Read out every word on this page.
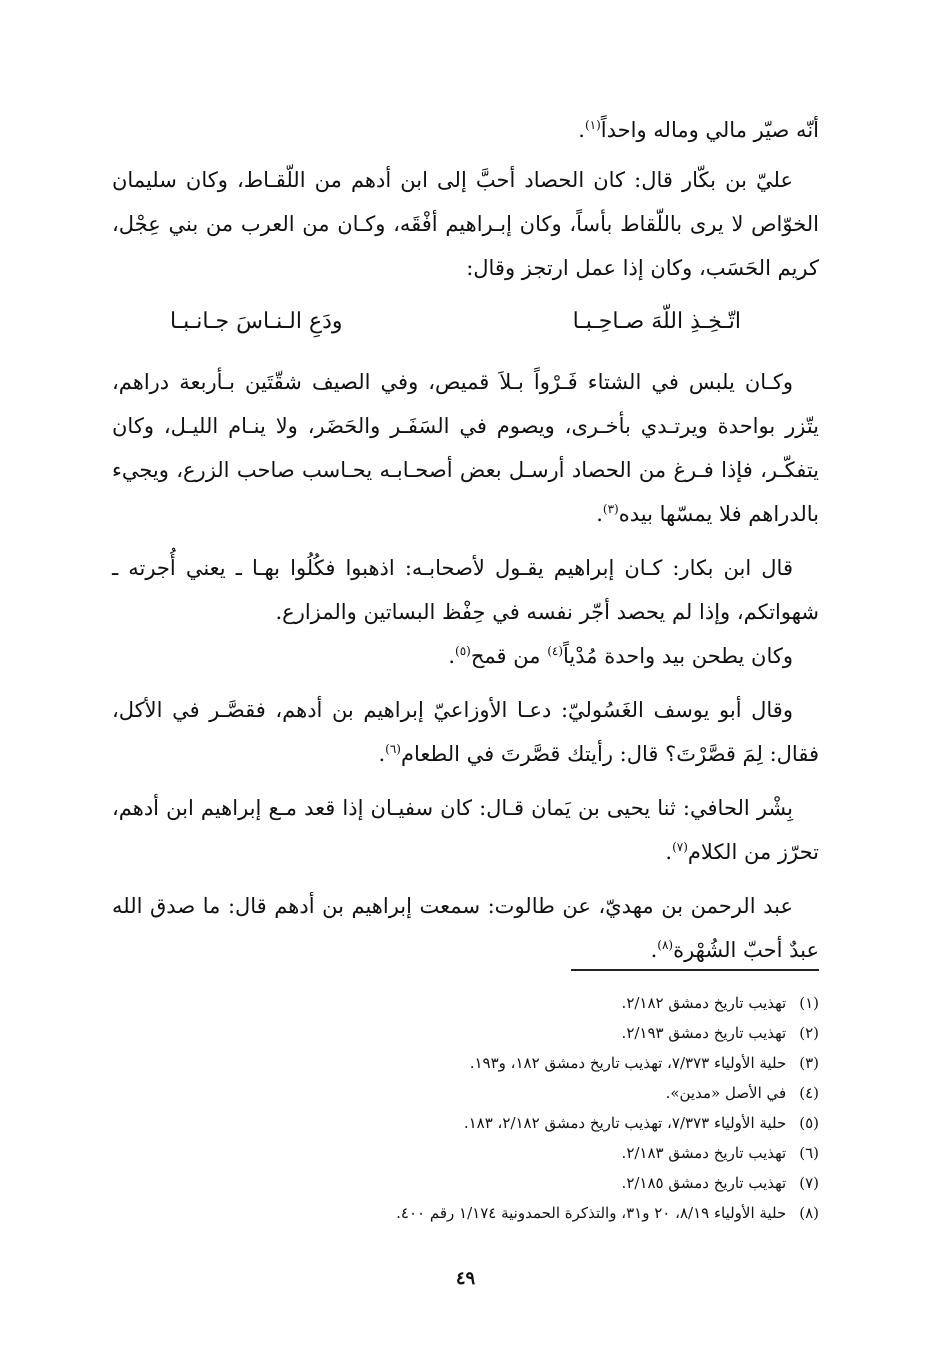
أنّه صيّر مالي وماله واحداً$^{(١)}$.

عليّ بن بكّار قال: كان الحصاد أحبَّ إلى ابن أدهم من اللّقـاط، وكان سليمان الخوّاص لا يرى باللّقاط بأساً، وكان إبـراهيم أفْقَه، وكـان من العرب من بني عِجْل، كريم الحَسَب، وكان إذا عمل ارتجز وقال:

اتّـخِـذِ اللّهَ صـاحِـبـا
ودَعِ الـنـاسَ جـانـبـا

وكـان يلبس في الشتاء فَـرْواً بـلاَ قميص، وفي الصيف شقّتَين بـأربعة دراهم، يتّزر بواحدة ويرتـدي بأخـرى، ويصوم في السَفَـر والحَضَر، ولا ينـام الليـل، وكان يتفكّـر، فإذا فـرغ من الحصاد أرسـل بعض أصحـابـه يحـاسب صاحب الزرع، ويجيء بالدراهم فلا يمسّها بيده$^{(٣)}$.

قال ابن بكار: كـان إبراهيم يقـول لأصحابـه: اذهبوا فكُلُوا بهـا ـ يعني أُجرته ـ شهواتكم، وإذا لم يحصد أجّر نفسه في حِفْظ البساتين والمزارع.

وكان يطحن بيد واحدة مُدْياً$^{(٤)}$ من قمح$^{(٥)}$.

وقال أبو يوسف الغَسُوليّ: دعـا الأوزاعيّ إبراهيم بن أدهم، فقصَّـر في الأكل، فقال: لِمَ قصَّرْتَ؟ قال: رأيتك قصَّرتَ في الطعام$^{(٦)}$.

بِشْر الحافي: ثنا يحيى بن يَمان قـال: كان سفيـان إذا قعد مـع إبراهيم ابن أدهم، تحرّز من الكلام$^{(٧)}$.

عبد الرحمن بن مهديّ، عن طالوت: سمعت إبراهيم بن أدهم قال: ما صدق الله عبدٌ أحبّ الشُهْرة$^{(٨)}$.

(١) تهذيب تاريخ دمشق ٢/١٨٢.
(٢) تهذيب تاريخ دمشق ٢/١٩٣.
(٣) حلية الأولياء ٧/٣٧٣، تهذيب تاريخ دمشق ١٨٢، و١٩٣.
(٤) في الأصل «مدين».
(٥) حلية الأولياء ٧/٣٧٣، تهذيب تاريخ دمشق ٢/١٨٢، ١٨٣.
(٦) تهذيب تاريخ دمشق ٢/١٨٣.
(٧) تهذيب تاريخ دمشق ٢/١٨٥.
(٨) حلية الأولياء ٨/١٩، ٢٠ و٣١، والتذكرة الحمدونية ١/١٧٤ رقم ٤٠٠.
٤٩
